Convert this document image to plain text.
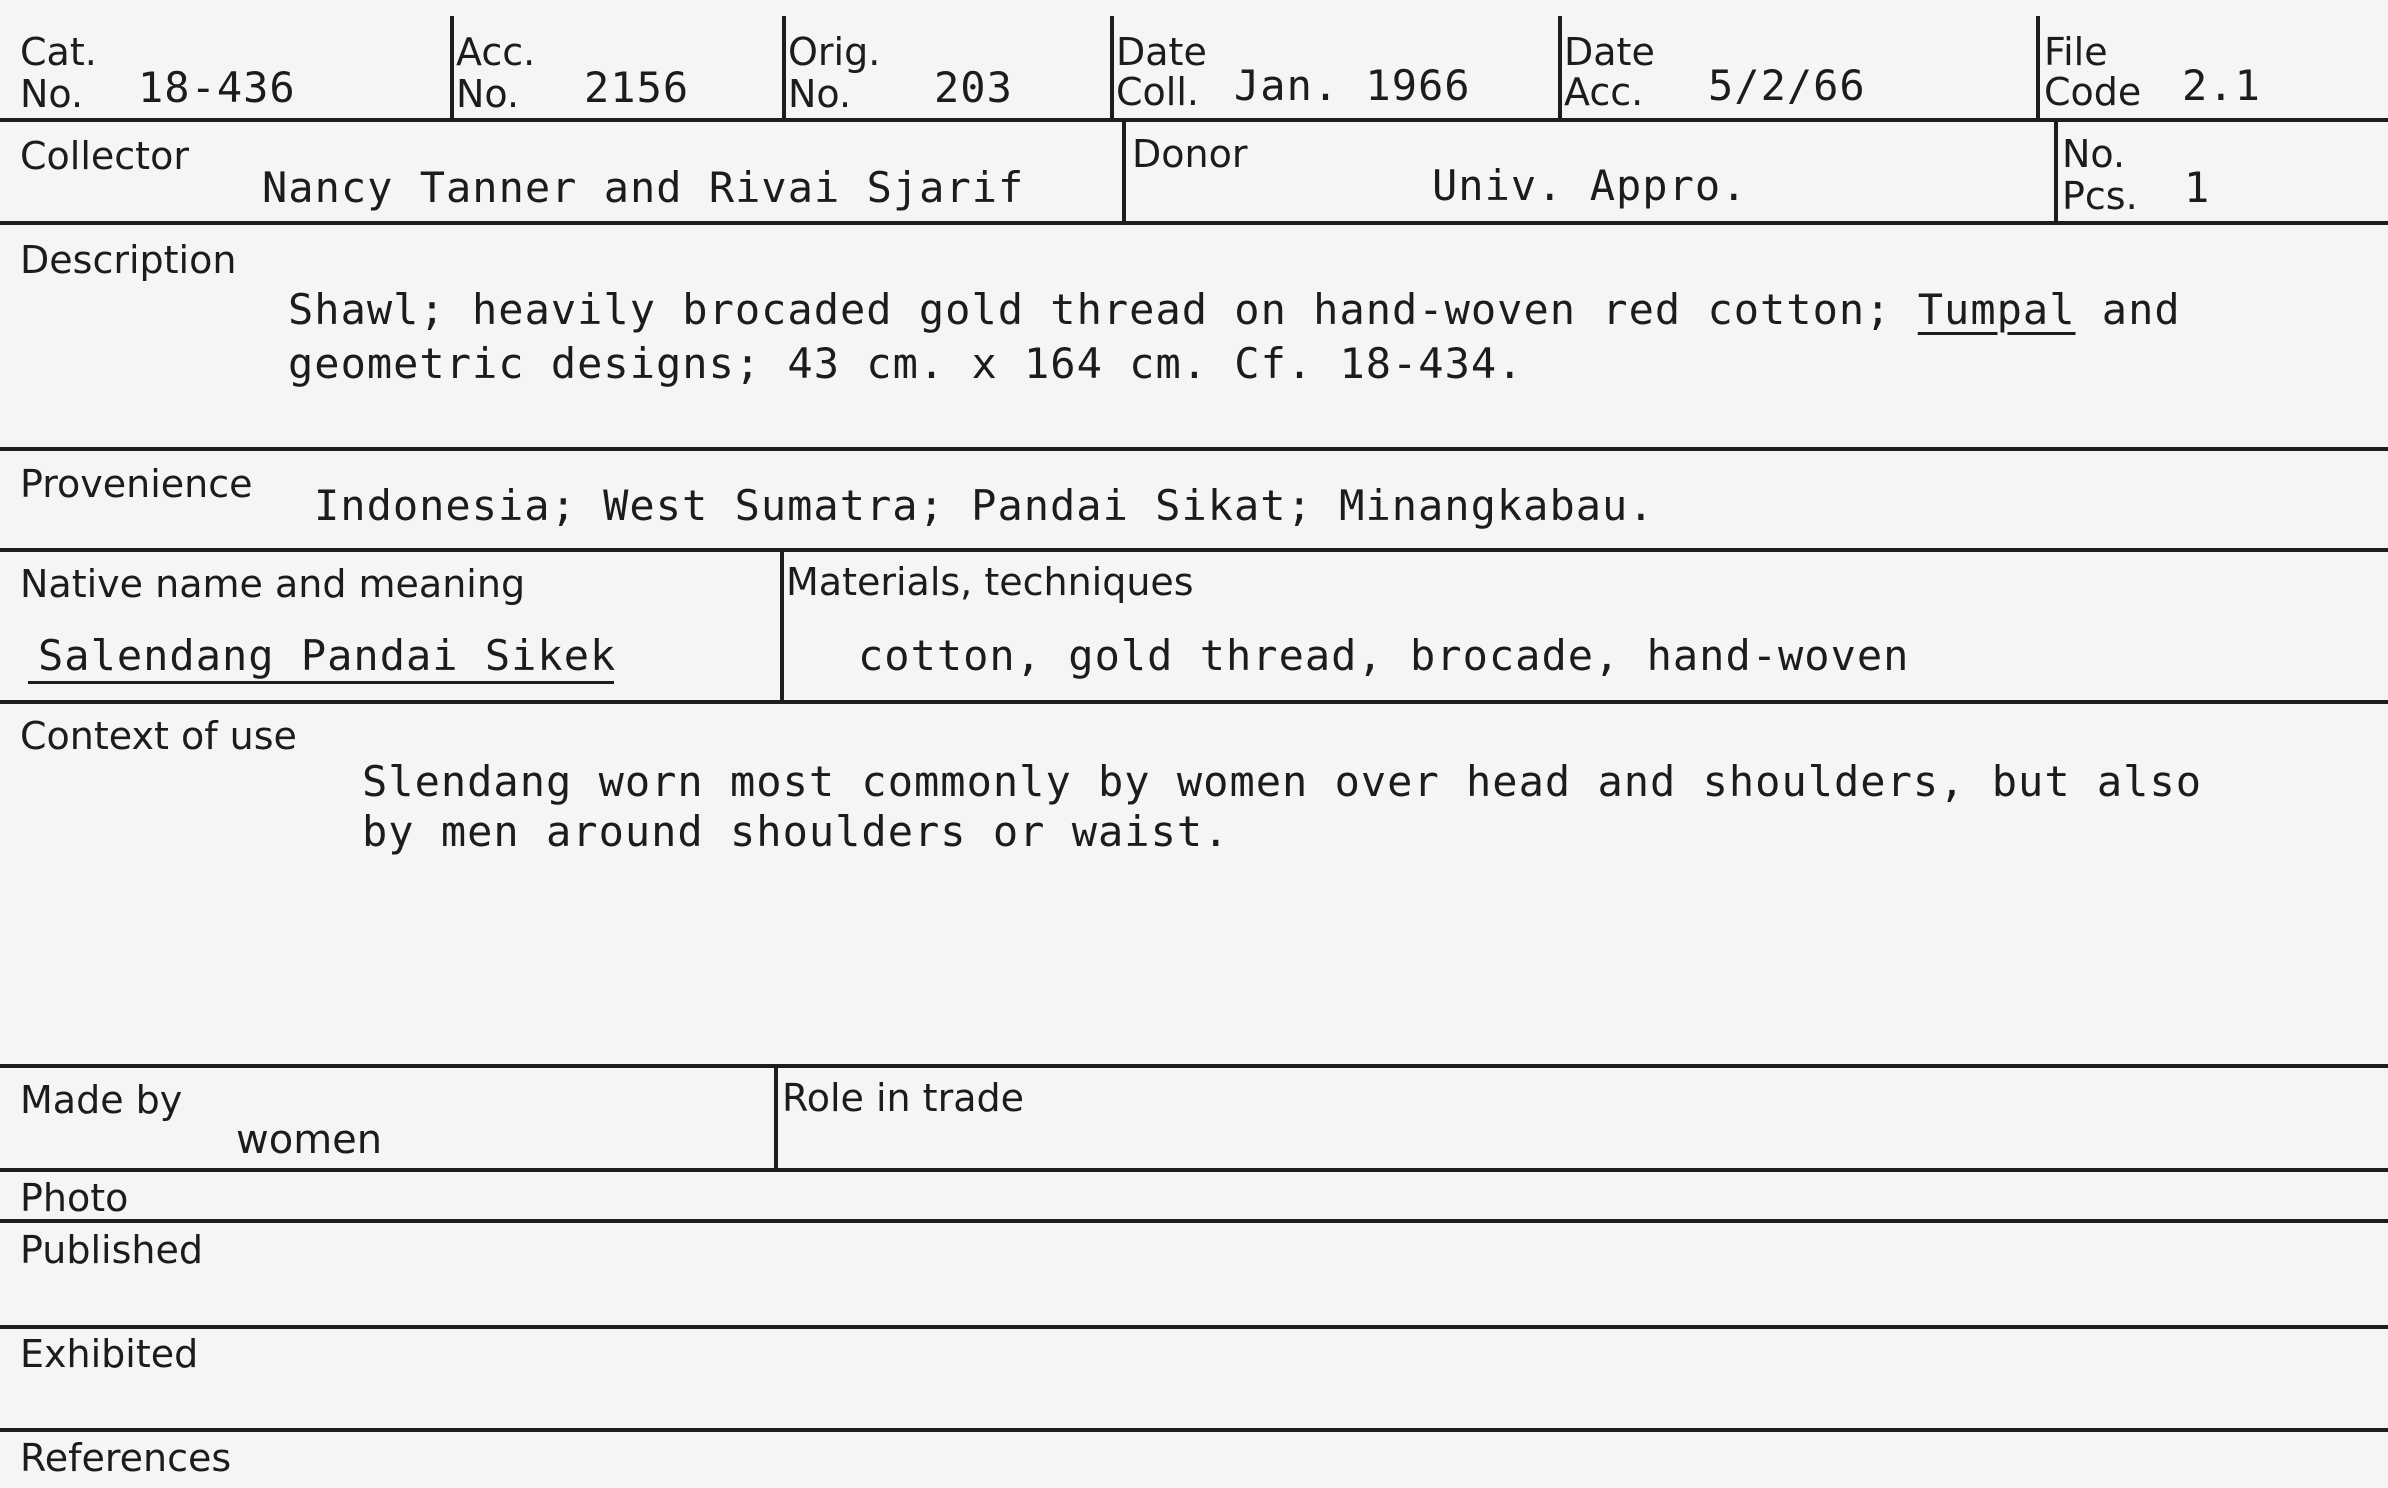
Cat.
No. 18-436
Acc.
No. 2156
Orig.
No. 203
Date
Coll. Jan. 1966
Date
Acc. 5/2/66
File
Code 2.1
Collector
Nancy Tanner and Rivai Sjarif
Donor
Univ. Appro.
No.
Pcs. 1
Description
Shawl; heavily brocaded gold thread on hand-woven red cotton; Tumpal and
geometric designs; 43 cm. x 164 cm. Cf. 18-434.
Provenience Indonesia; West Sumatra; Pandai Sikat; Minangkabau.
Native name and meaning
Salendang Pandai Sikek
Materials, techniques
cotton, gold thread, brocade, hand-woven
Context of use
Slendang worn most commonly by women over head and shoulders, but also
by men around shoulders or waist.
Made by
women
Role in trade
Photo
Published
Exhibited
References
